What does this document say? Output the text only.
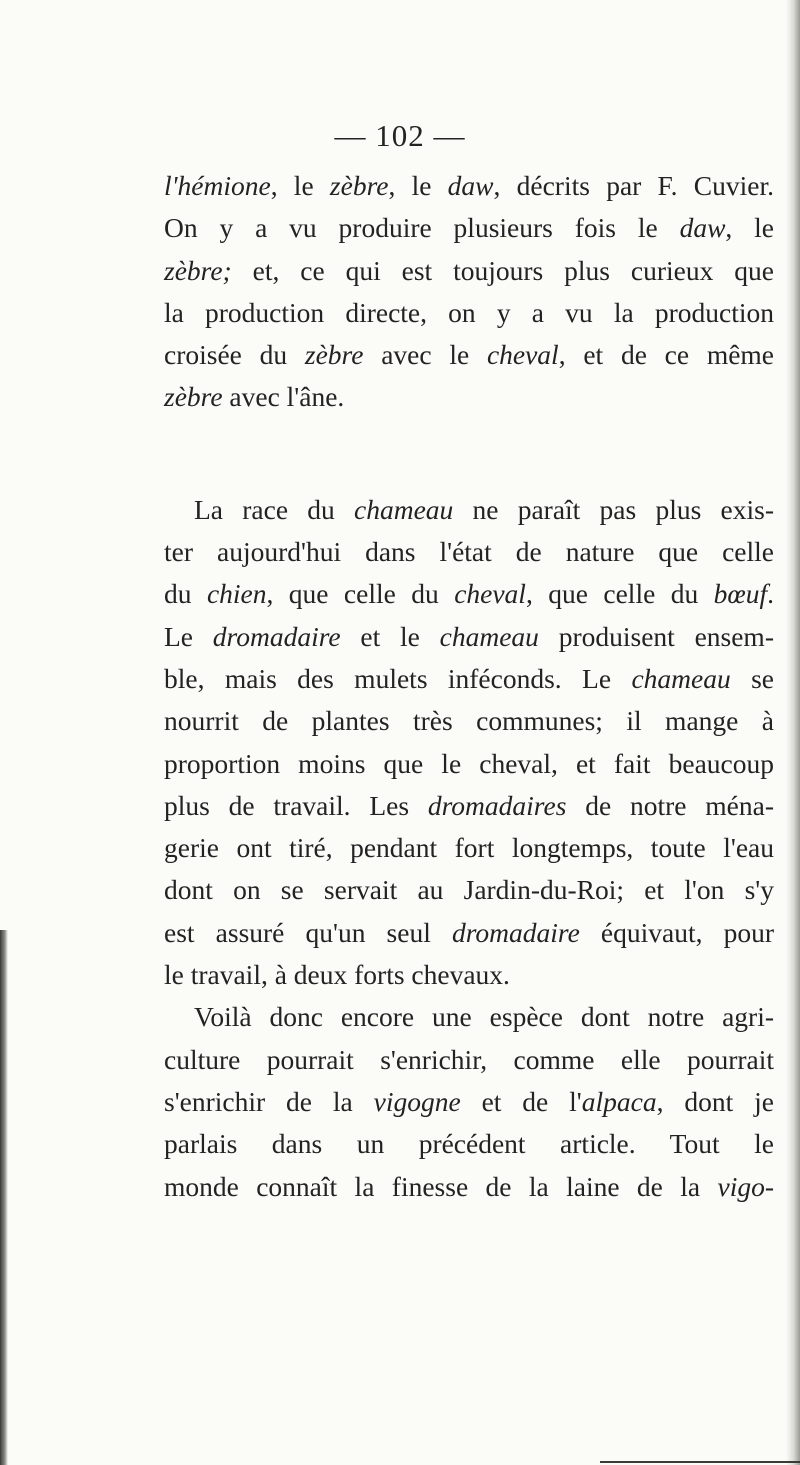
— 102 —
l'hémione, le zèbre, le daw, décrits par F. Cuvier.
On y a vu produire plusieurs fois le daw, le
zèbre; et, ce qui est toujours plus curieux que
la production directe, on y a vu la production
croisée du zèbre avec le cheval, et de ce même
zèbre avec l'âne.
La race du chameau ne paraît pas plus exis-
ter aujourd'hui dans l'état de nature que celle
du chien, que celle du cheval, que celle du bœuf.
Le dromadaire et le chameau produisent ensem-
ble, mais des mulets inféconds. Le chameau se
nourrit de plantes très communes; il mange à
proportion moins que le cheval, et fait beaucoup
plus de travail. Les dromadaires de notre ména-
gerie ont tiré, pendant fort longtemps, toute l'eau
dont on se servait au Jardin-du-Roi; et l'on s'y
est assuré qu'un seul dromadaire équivaut, pour
le travail, à deux forts chevaux.
Voilà donc encore une espèce dont notre agri-
culture pourrait s'enrichir, comme elle pourrait
s'enrichir de la vigogne et de l'alpaca, dont je
parlais dans un précédent article. Tout le
monde connaît la finesse de la laine de la vigo-
